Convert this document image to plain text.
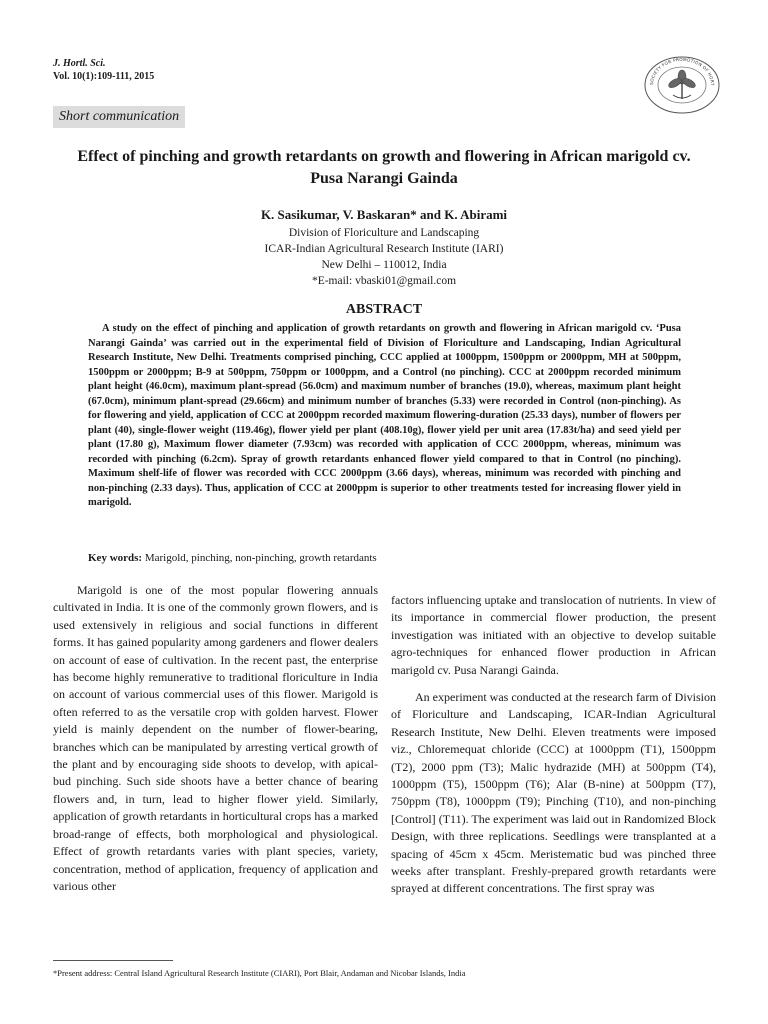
J. Hortl. Sci.
Vol. 10(1):109-111, 2015
SOCIETY FOR PROMOTION OF HORT
Short communication
Effect of pinching and growth retardants on growth and flowering in African marigold cv. Pusa Narangi Gainda
K. Sasikumar, V. Baskaran* and K. Abirami
Division of Floriculture and Landscaping
ICAR-Indian Agricultural Research Institute (IARI)
New Delhi – 110012, India
*E-mail: vbaski01@gmail.com
ABSTRACT

A study on the effect of pinching and application of growth retardants on growth and flowering in African marigold cv. ‘Pusa Narangi Gainda’ was carried out in the experimental field of Division of Floriculture and Landscaping, Indian Agricultural Research Institute, New Delhi. Treatments comprised pinching, CCC applied at 1000ppm, 1500ppm or 2000ppm, MH at 500ppm, 1500ppm or 2000ppm; B-9 at 500ppm, 750ppm or 1000ppm, and a Control (no pinching). CCC at 2000ppm recorded minimum plant height (46.0cm), maximum plant-spread (56.0cm) and maximum number of branches (19.0), whereas, maximum plant height (67.0cm), minimum plant-spread (29.66cm) and minimum number of branches (5.33) were recorded in Control (non-pinching). As for flowering and yield, application of CCC at 2000ppm recorded maximum flowering-duration (25.33 days), number of flowers per plant (40), single-flower weight (119.46g), flower yield per plant (408.10g), flower yield per unit area (17.83t/ha) and seed yield per plant (17.80 g), Maximum flower diameter (7.93cm) was recorded with application of CCC 2000ppm, whereas, minimum was recorded with pinching (6.2cm). Spray of growth retardants enhanced flower yield compared to that in Control (no pinching). Maximum shelf-life of flower was recorded with CCC 2000ppm (3.66 days), whereas, minimum was recorded with pinching and non-pinching (2.33 days). Thus, application of CCC at 2000ppm is superior to other treatments tested for increasing flower yield in marigold.

Key words: Marigold, pinching, non-pinching, growth retardants

Marigold is one of the most popular flowering annuals cultivated in India. It is one of the commonly grown flowers, and is used extensively in religious and social functions in different forms. It has gained popularity among gardeners and flower dealers on account of ease of cultivation. In the recent past, the enterprise has become highly remunerative to traditional floriculture in India on account of various commercial uses of this flower. Marigold is often referred to as the versatile crop with golden harvest. Flower yield is mainly dependent on the number of flower-bearing, branches which can be manipulated by arresting vertical growth of the plant and by encouraging side shoots to develop, with apical-bud pinching. Such side shoots have a better chance of bearing flowers and, in turn, lead to higher flower yield. Similarly, application of growth retardants in horticultural crops has a marked broad-range of effects, both morphological and physiological. Effect of growth retardants varies with plant species, variety, concentration, method of application, frequency of application and various other

factors influencing uptake and translocation of nutrients. In view of its importance in commercial flower production, the present investigation was initiated with an objective to develop suitable agro-techniques for enhanced flower production in African marigold cv. Pusa Narangi Gainda.

An experiment was conducted at the research farm of Division of Floriculture and Landscaping, ICAR-Indian Agricultural Research Institute, New Delhi. Eleven treatments were imposed viz., Chloremequat chloride (CCC) at 1000ppm (T1), 1500ppm (T2), 2000 ppm (T3); Malic hydrazide (MH) at 500ppm (T4), 1000ppm (T5), 1500ppm (T6); Alar (B-nine) at 500ppm (T7), 750ppm (T8), 1000ppm (T9); Pinching (T10), and non-pinching [Control] (T11). The experiment was laid out in Randomized Block Design, with three replications. Seedlings were transplanted at a spacing of 45cm x 45cm. Meristematic bud was pinched three weeks after transplant. Freshly-prepared growth retardants were sprayed at different concentrations. The first spray was

*Present address: Central Island Agricultural Research Institute (CIARI), Port Blair, Andaman and Nicobar Islands, India
